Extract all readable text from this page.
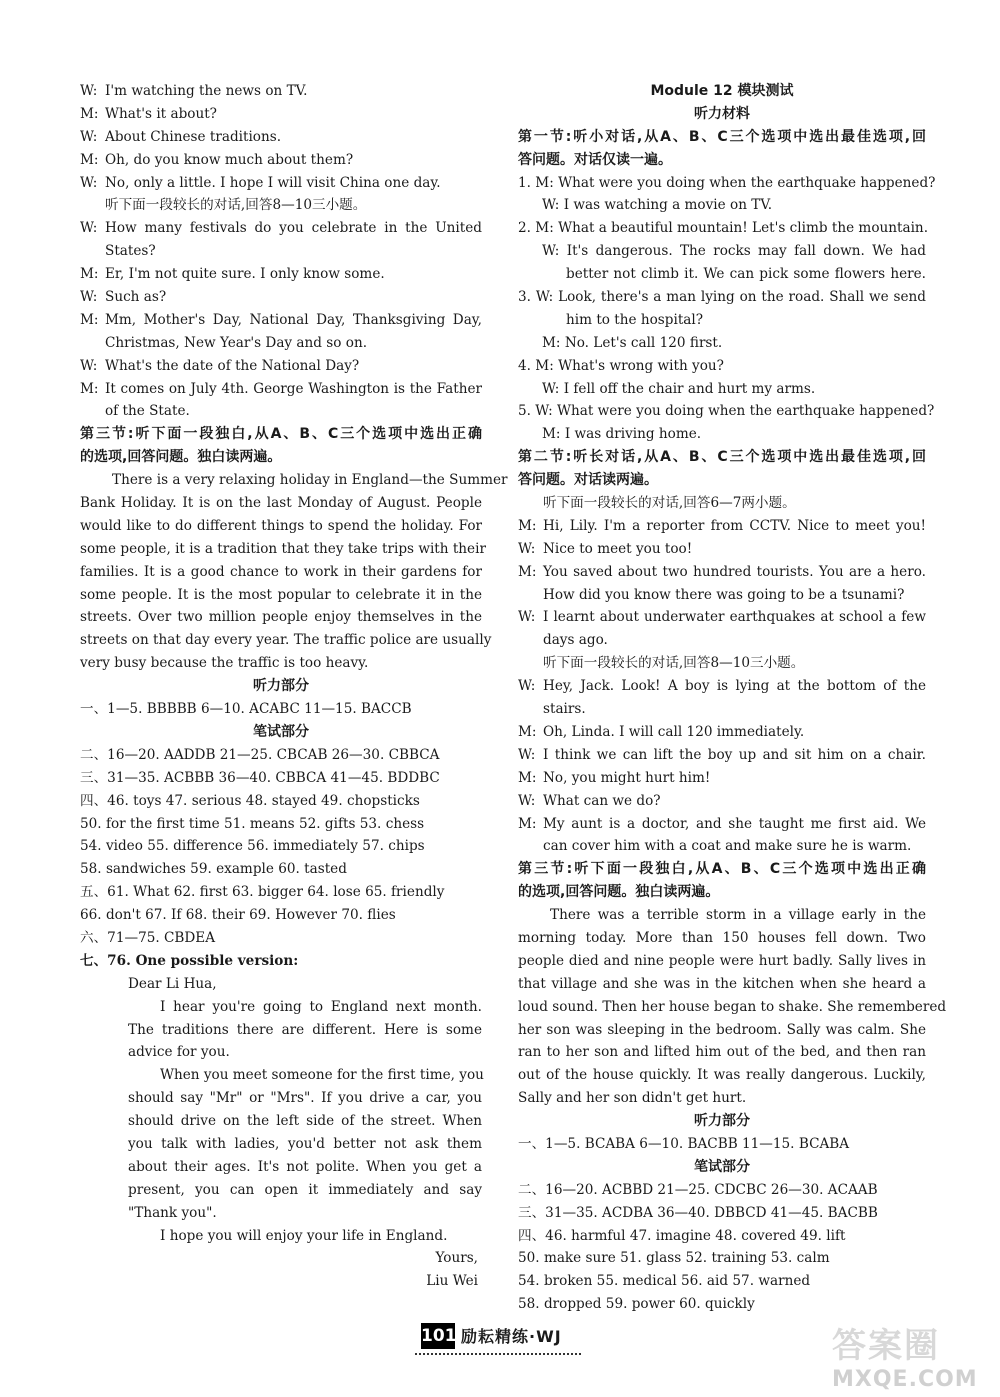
W: I'm watching the news on TV.
M: What's it about?
W: About Chinese traditions.
M: Oh, do you know much about them?
W: No, only a little. I hope I will visit China one day.
听下面一段较长的对话,回答8—10三小题。
W: How many festivals do you celebrate in the United
States?
M: Er, I'm not quite sure. I only know some.
W: Such as?
M: Mm, Mother's Day, National Day, Thanksgiving Day,
Christmas, New Year's Day and so on.
W: What's the date of the National Day?
M: It comes on July 4th. George Washington is the Father
of the State.
第三节:听下面一段独白,从A、B、C三个选项中选出正确
的选项,回答问题。独白读两遍。
There is a very relaxing holiday in England—the Summer
Bank Holiday. It is on the last Monday of August. People
would like to do different things to spend the holiday. For
some people, it is a tradition that they take trips with their
families. It is a good chance to work in their gardens for
some people. It is the most popular to celebrate it in the
streets. Over two million people enjoy themselves in the
streets on that day every year. The traffic police are usually
very busy because the traffic is too heavy.
听力部分
一、1—5. BBBBB 6—10. ACABC 11—15. BACCB
笔试部分
二、16—20. AADDB 21—25. CBCAB 26—30. CBBCA
三、31—35. ACBBB 36—40. CBBCA 41—45. BDDBC
四、46. toys 47. serious 48. stayed 49. chopsticks
50. for the first time 51. means 52. gifts 53. chess
54. video 55. difference 56. immediately 57. chips
58. sandwiches 59. example 60. tasted
五、61. What 62. first 63. bigger 64. lose 65. friendly
66. don't 67. If 68. their 69. However 70. flies
六、71—75. CBDEA
七、76. One possible version:
Dear Li Hua,
I hear you're going to England next month.
The traditions there are different. Here is some
advice for you.
When you meet someone for the first time, you
should say "Mr" or "Mrs". If you drive a car, you
should drive on the left side of the street. When
you talk with ladies, you'd better not ask them
about their ages. It's not polite. When you get a
present, you can open it immediately and say
"Thank you".
I hope you will enjoy your life in England.
Yours,
Liu Wei
Module 12 模块测试
听力材料
第一节:听小对话,从A、B、C三个选项中选出最佳选项,回
答问题。对话仅读一遍。
1. M: What were you doing when the earthquake happened?
W: I was watching a movie on TV.
2. M: What a beautiful mountain! Let's climb the mountain.
W: It's dangerous. The rocks may fall down. We had
better not climb it. We can pick some flowers here.
3. W: Look, there's a man lying on the road. Shall we send
him to the hospital?
M: No. Let's call 120 first.
4. M: What's wrong with you?
W: I fell off the chair and hurt my arms.
5. W: What were you doing when the earthquake happened?
M: I was driving home.
第二节:听长对话,从A、B、C三个选项中选出最佳选项,回
答问题。对话读两遍。
听下面一段较长的对话,回答6—7两小题。
M: Hi, Lily. I'm a reporter from CCTV. Nice to meet you!
W: Nice to meet you too!
M: You saved about two hundred tourists. You are a hero.
How did you know there was going to be a tsunami?
W: I learnt about underwater earthquakes at school a few
days ago.
听下面一段较长的对话,回答8—10三小题。
W: Hey, Jack. Look! A boy is lying at the bottom of the
stairs.
M: Oh, Linda. I will call 120 immediately.
W: I think we can lift the boy up and sit him on a chair.
M: No, you might hurt him!
W: What can we do?
M: My aunt is a doctor, and she taught me first aid. We
can cover him with a coat and make sure he is warm.
第三节:听下面一段独白,从A、B、C三个选项中选出正确
的选项,回答问题。独白读两遍。
There was a terrible storm in a village early in the
morning today. More than 150 houses fell down. Two
people died and nine people were hurt badly. Sally lives in
that village and she was in the kitchen when she heard a
loud sound. Then her house began to shake. She remembered
her son was sleeping in the bedroom. Sally was calm. She
ran to her son and lifted him out of the bed, and then ran
out of the house quickly. It was really dangerous. Luckily,
Sally and her son didn't get hurt.
听力部分
一、1—5. BCABA 6—10. BACBB 11—15. BCABA
笔试部分
二、16—20. ACBBD 21—25. CDCBC 26—30. ACAAB
三、31—35. ACDBA 36—40. DBBCD 41—45. BACBB
四、46. harmful 47. imagine 48. covered 49. lift
50. make sure 51. glass 52. training 53. calm
54. broken 55. medical 56. aid 57. warned
58. dropped 59. power 60. quickly
101 励耘精练·WJ	答案圈
MXQE.COM
